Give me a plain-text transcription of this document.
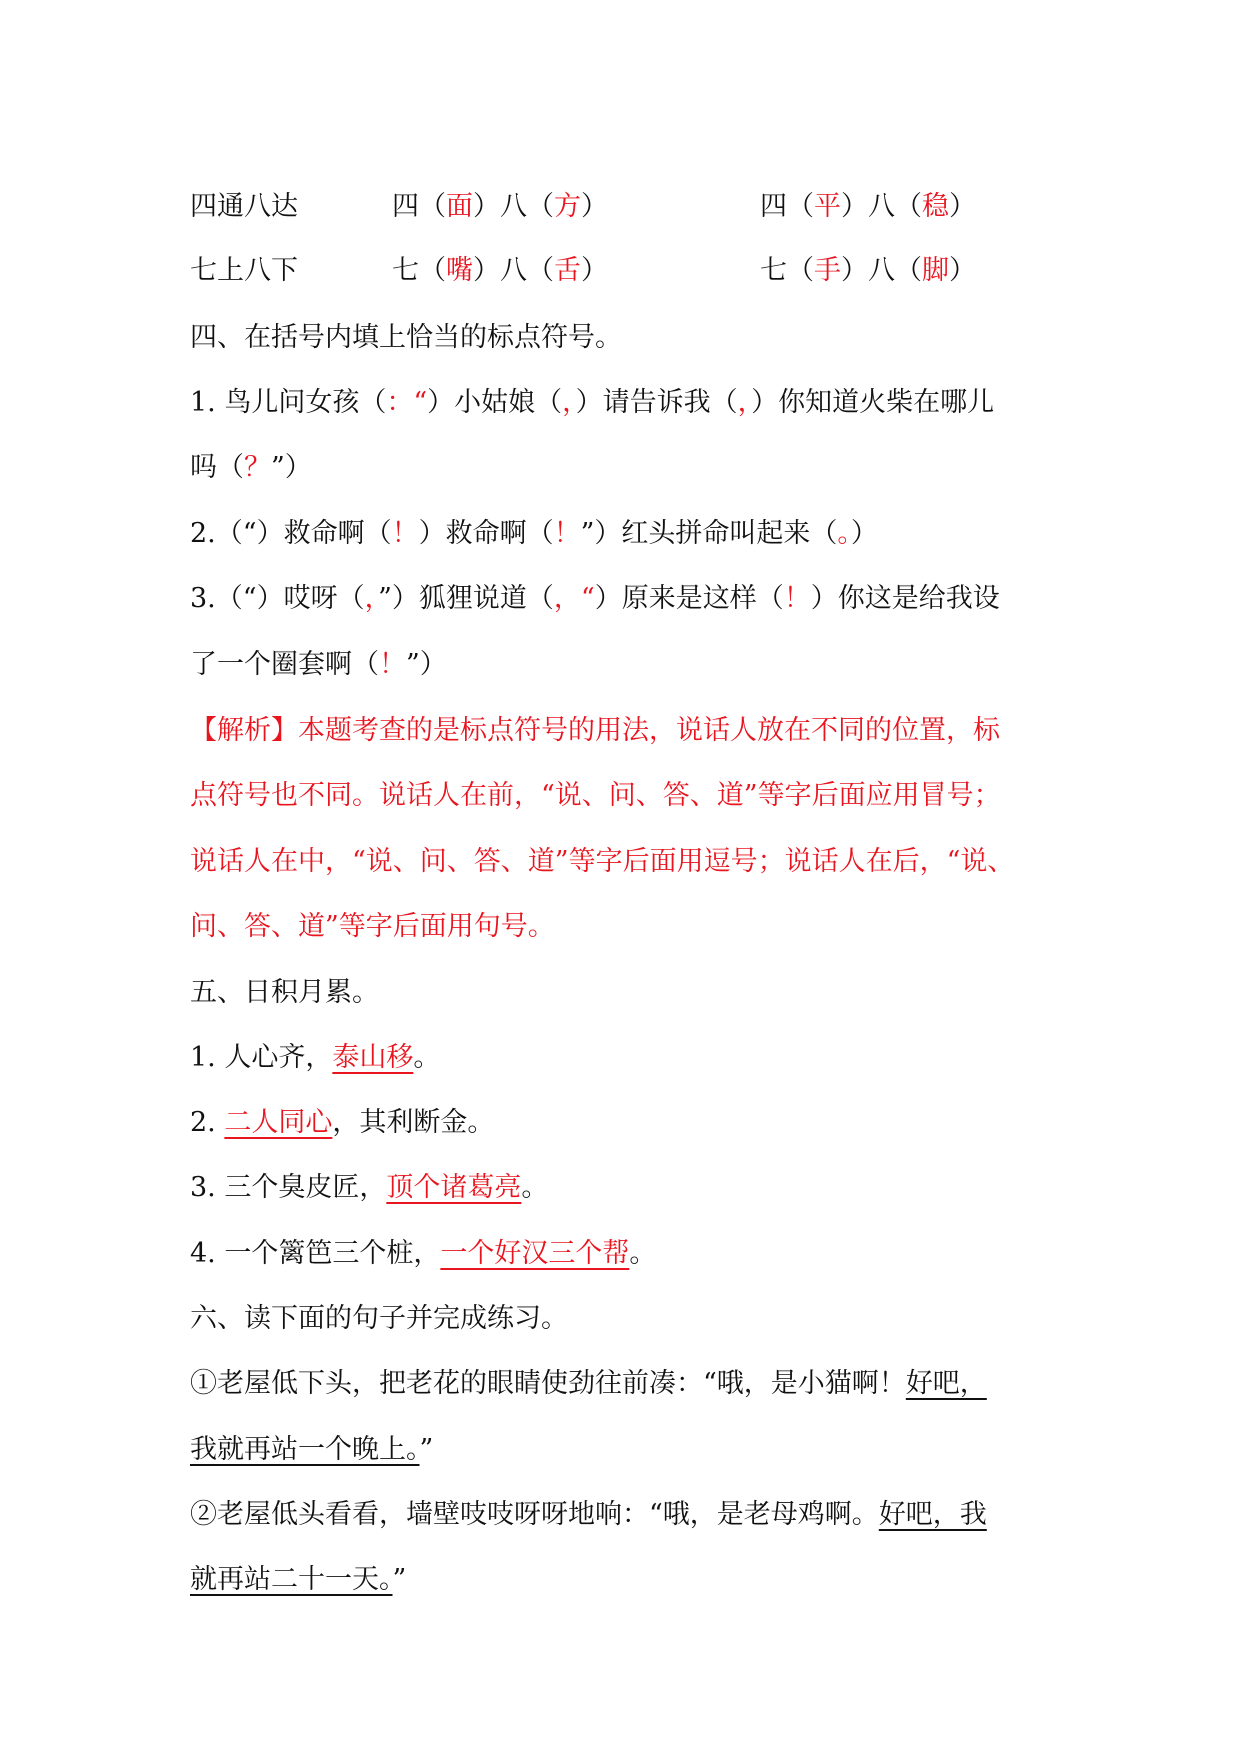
四通八达	四（面）八（方）	四（平）八（稳）
七上八下	七（嘴）八（舌）	七（手）八（脚）
四、在括号内填上恰当的标点符号。
1. 鸟儿问女孩（：“）小姑娘（，）请告诉我（，）你知道火柴在哪儿
吗（？”）
2.（“）救命啊（！）救命啊（！”）红头拼命叫起来（。）
3.（“）哎呀（，”）狐狸说道（，“）原来是这样（！）你这是给我设
了一个圈套啊（！”）
【解析】本题考查的是标点符号的用法，说话人放在不同的位置，标
点符号也不同。说话人在前，“说、问、答、道”等字后面应用冒号；
说话人在中，“说、问、答、道”等字后面用逗号；说话人在后，“说、
问、答、道”等字后面用句号。
五、日积月累。
1. 人心齐，泰山移。
2. 二人同心，其利断金。
3. 三个臭皮匠，顶个诸葛亮。
4. 一个篱笆三个桩，一个好汉三个帮。
六、读下面的句子并完成练习。
①老屋低下头，把老花的眼睛使劲往前凑：“哦，是小猫啊！好吧，
我就再站一个晚上。”
②老屋低头看看，墙壁吱吱呀呀地响：“哦，是老母鸡啊。好吧，我
就再站二十一天。”
